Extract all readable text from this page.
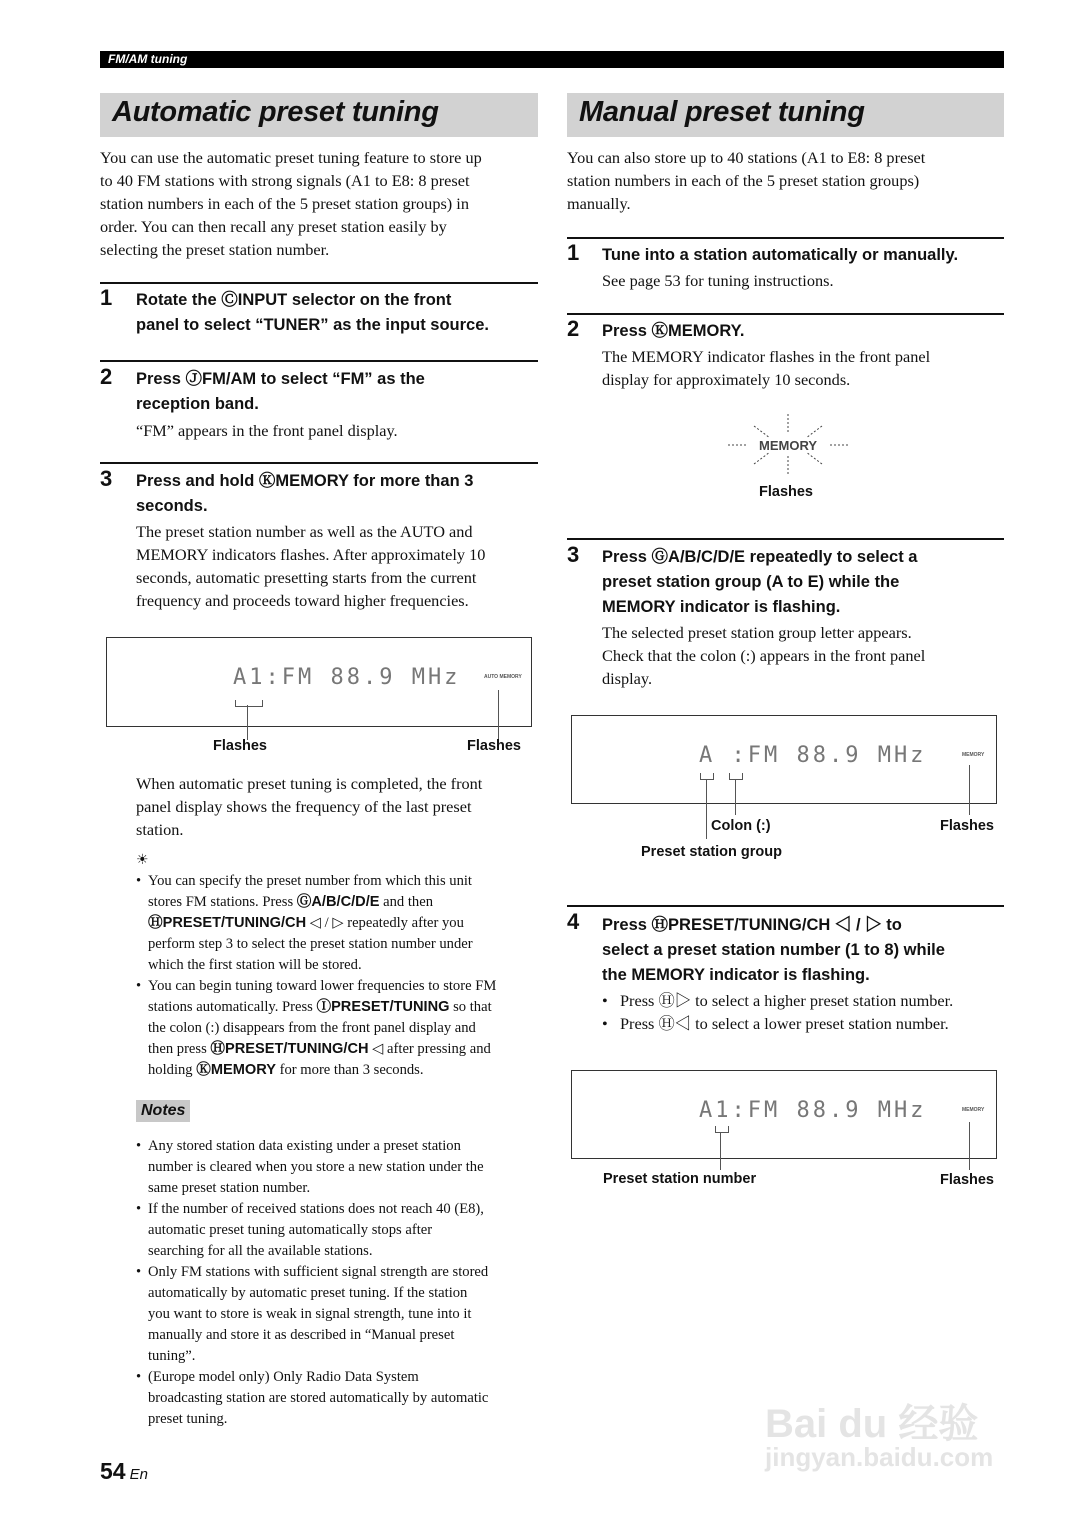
FM/AM tuning
Automatic preset tuning
You can use the automatic preset tuning feature to store up
to 40 FM stations with strong signals (A1 to E8: 8 preset
station numbers in each of the 5 preset station groups) in
order. You can then recall any preset station easily by
selecting the preset station number.
1 Rotate the ⒸINPUT selector on the front
panel to select “TUNER” as the input source.
2 Press ⒿFM/AM to select “FM” as the
reception band.
“FM” appears in the front panel display.
3 Press and hold ⓀMEMORY for more than 3
seconds.
The preset station number as well as the AUTO and
MEMORY indicators flashes. After approximately 10
seconds, automatic presetting starts from the current
frequency and proceeds toward higher frequencies.
A1:FM 88.9 MHz	AUTO MEMORY
Flashes	Flashes
When automatic preset tuning is completed, the front
panel display shows the frequency of the last preset
station.
☀
• You can specify the preset number from which this unit
stores FM stations. Press ⒼA/B/C/D/E and then
ⒽPRESET/TUNING/CH ◁ / ▷ repeatedly after you
perform step 3 to select the preset station number under
which the first station will be stored.
• You can begin tuning toward lower frequencies to store FM
stations automatically. Press ⒾPRESET/TUNING so that
the colon (:) disappears from the front panel display and
then press ⒽPRESET/TUNING/CH ◁ after pressing and
holding ⓀMEMORY for more than 3 seconds.
Notes
• Any stored station data existing under a preset station
number is cleared when you store a new station under the
same preset station number.
• If the number of received stations does not reach 40 (E8),
automatic preset tuning automatically stops after
searching for all the available stations.
• Only FM stations with sufficient signal strength are stored
automatically by automatic preset tuning. If the station
you want to store is weak in signal strength, tune into it
manually and store it as described in “Manual preset
tuning”.
• (Europe model only) Only Radio Data System
broadcasting station are stored automatically by automatic
preset tuning.
54 En
Manual preset tuning
You can also store up to 40 stations (A1 to E8: 8 preset
station numbers in each of the 5 preset station groups)
manually.
1 Tune into a station automatically or manually.
See page 53 for tuning instructions.
2 Press ⓀMEMORY.
The MEMORY indicator flashes in the front panel
display for approximately 10 seconds.
MEMORY
Flashes
3 Press ⒼA/B/C/D/E repeatedly to select a
preset station group (A to E) while the
MEMORY indicator is flashing.
The selected preset station group letter appears.
Check that the colon (:) appears in the front panel
display.
A :FM 88.9 MHz	MEMORY
Colon (:)	Flashes
Preset station group
4 Press ⒽPRESET/TUNING/CH ◁ / ▷ to
select a preset station number (1 to 8) while
the MEMORY indicator is flashing.
• Press Ⓗ▷ to select a higher preset station number.
• Press Ⓗ◁ to select a lower preset station number.
A1:FM 88.9 MHz	MEMORY
Preset station number	Flashes
Bai du 经验
jingyan.baidu.com
